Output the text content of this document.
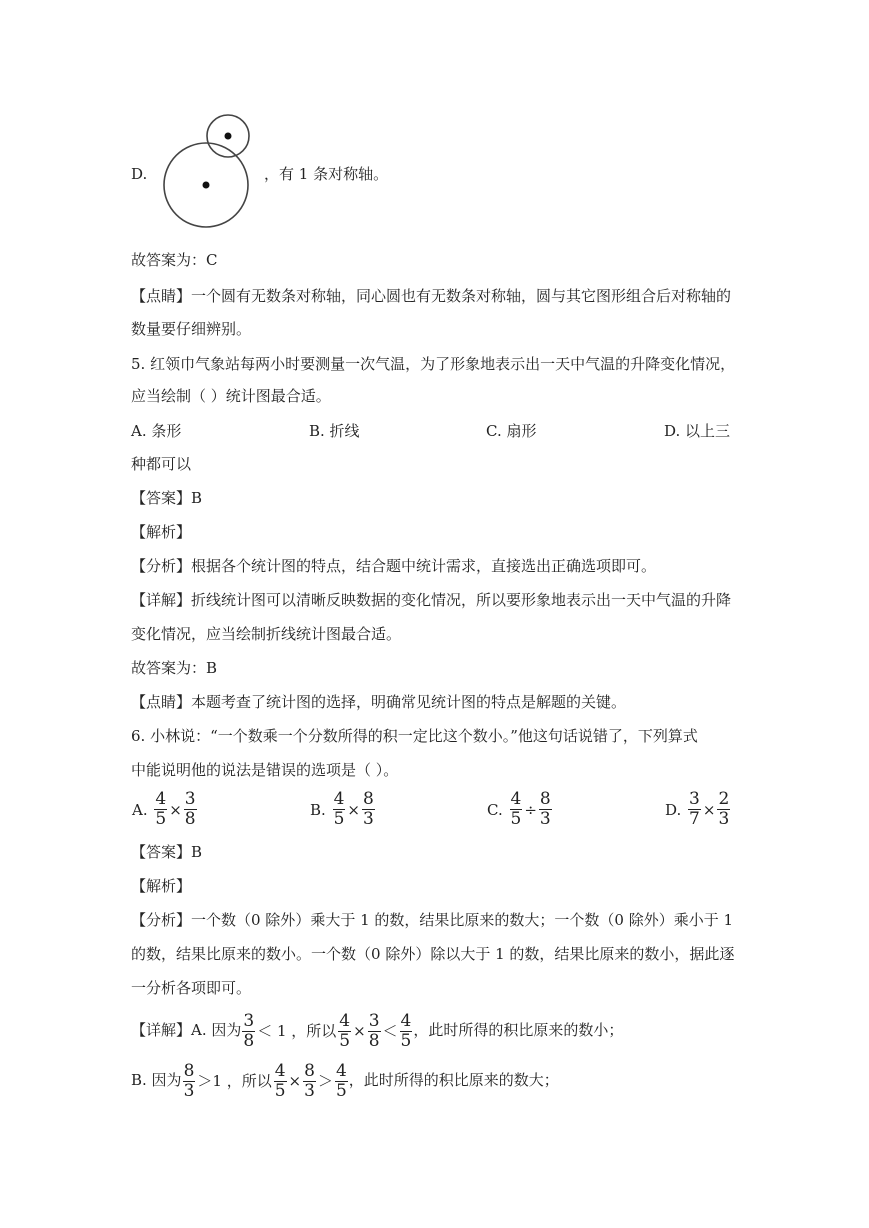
D.	，有 1 条对称轴。
故答案为：C
【点睛】一个圆有无数条对称轴，同心圆也有无数条对称轴，圆与其它图形组合后对称轴的
数量要仔细辨别。
5. 红领巾气象站每两小时要测量一次气温，为了形象地表示出一天中气温的升降变化情况，
应当绘制（ ）统计图最合适。
A. 条形	B. 折线	C. 扇形	D. 以上三
种都可以
【答案】B
【解析】
【分析】根据各个统计图的特点，结合题中统计需求，直接选出正确选项即可。
【详解】折线统计图可以清晰反映数据的变化情况，所以要形象地表示出一天中气温的升降
变化情况，应当绘制折线统计图最合适。
故答案为：B
【点睛】本题考查了统计图的选择，明确常见统计图的特点是解题的关键。
6. 小林说：“一个数乘一个分数所得的积一定比这个数小。”他这句话说错了，下列算式
中能说明他的说法是错误的选项是（ ）。
A. $\frac{4}{5} \times \frac{3}{8}$	B. $\frac{4}{5} \times \frac{8}{3}$	C. $\frac{4}{5} \div \frac{8}{3}$	D. $\frac{3}{7} \times \frac{2}{3}$
【答案】B
【解析】
【分析】一个数（0 除外）乘大于 1 的数，结果比原来的数大；一个数（0 除外）乘小于 1
的数，结果比原来的数小。一个数（0 除外）除以大于 1 的数，结果比原来的数小，据此逐
一分析各项即可。
【详解】A. 因为 $\frac{3}{8} < 1$ ，所以 $\frac{4}{5} \times \frac{3}{8} < \frac{4}{5}$ ，此时所得的积比原来的数小；
B. 因为 $\frac{8}{3} >1$ ，所以 $\frac{4}{5} \times \frac{8}{3} > \frac{4}{5}$ ，此时所得的积比原来的数大；
